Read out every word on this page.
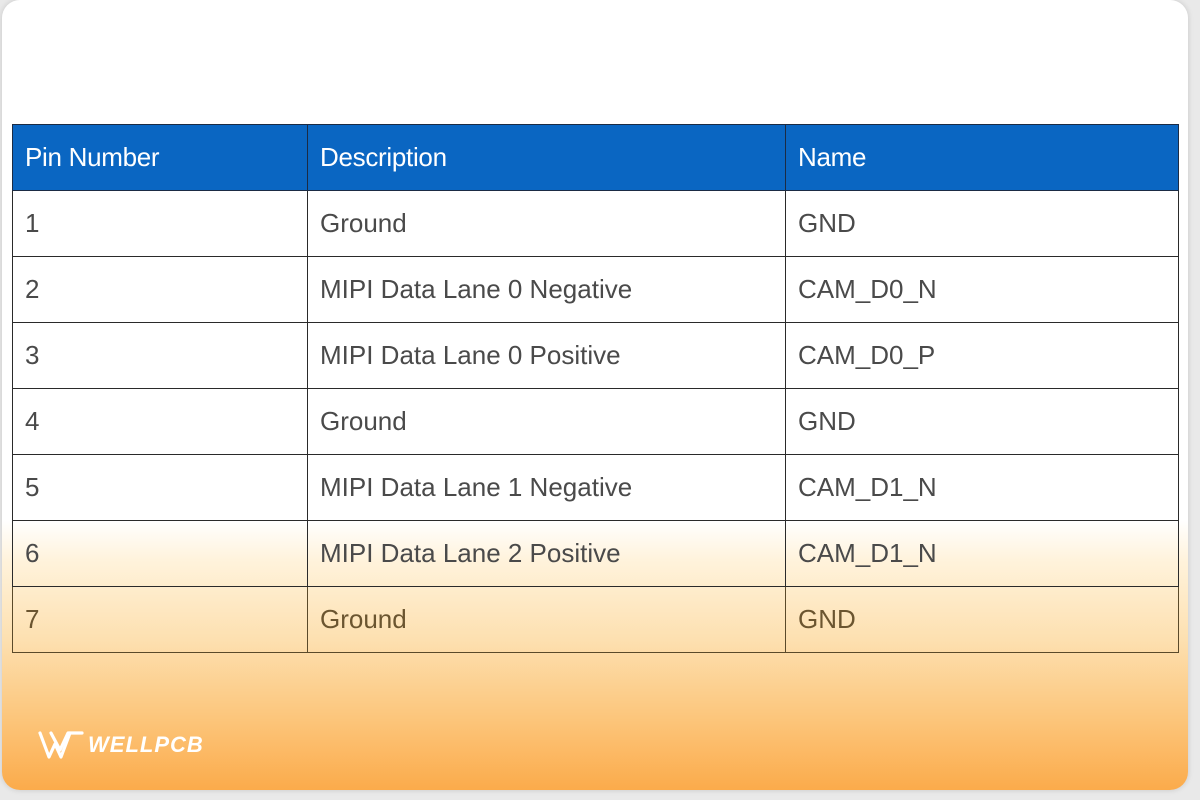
Pin Number	Description	Name
1	Ground	GND
2	MIPI Data Lane 0 Negative	CAM_D0_N
3	MIPI Data Lane 0 Positive	CAM_D0_P
4	Ground	GND
5	MIPI Data Lane 1 Negative	CAM_D1_N
6	MIPI Data Lane 2 Positive	CAM_D1_N
7	Ground	GND
WELLPCB
